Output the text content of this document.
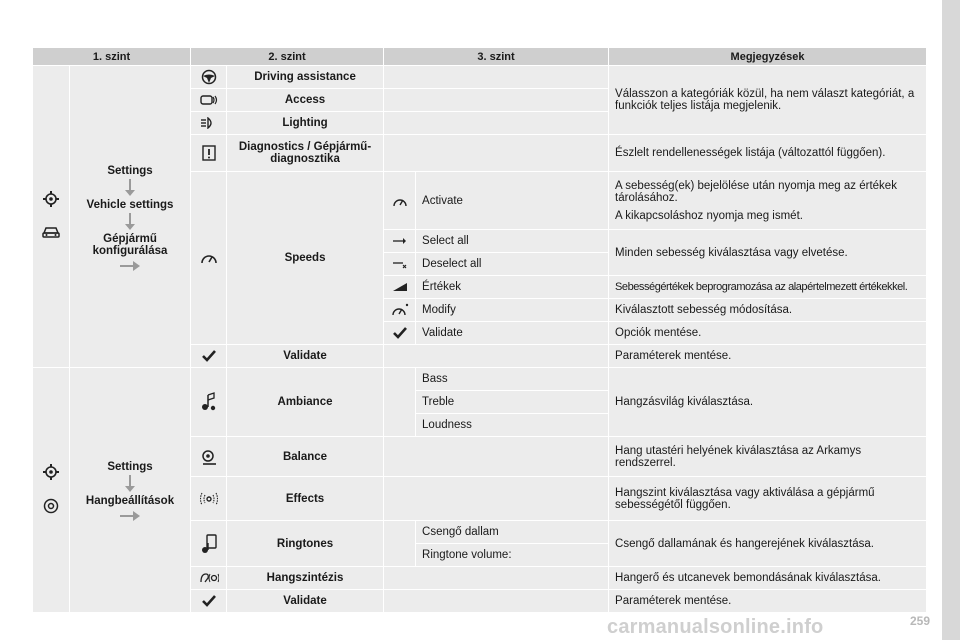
1. szint		2. szint		3. szint		Megjegyzések

Settings
Vehicle settings
Gépjármű konfigurálása		Driving assistance			Válasszon a kategóriák közül, ha nem választ kategóriát, a funkciók teljes listája megjelenik.

	Access			

	Lighting			

	Diagnostics / Gépjármű-diagnosztika			Észlelt rendellenességek listája (változattól függően).

	Speeds		Activate	A sebesség(ek) bejelölése után nyomja meg az értékek tárolásához.

A kikapcsoláshoz nyomja meg ismét.

	Select all	Minden sebesség kiválasztása vagy elvetése.

	Deselect all	

	Értékek	Sebességértékek beprogramozása az alapértelmezett értékekkel.

	Modify	Kiválasztott sebesség módosítása.

	Validate	Opciók mentése.

	Validate			Paraméterek mentése.

Settings
Hangbeállítások		Ambiance		Bass	Hangzásvilág kiválasztása.
					Treble	
					Loudness	

	Balance			Hang utastéri helyének kiválasztása az Arkamys rendszerrel.

	Effects			Hangszint kiválasztása vagy aktiválása a gépjármű sebességétől függően.

	Ringtones		Csengő dallam	Csengő dallamának és hangerejének kiválasztása.
					Ringtone volume:	

	Hangszintézis			Hangerő és utcanevek bemondásának kiválasztása.

	Validate			Paraméterek mentése.

carmanualsonline.info	259
